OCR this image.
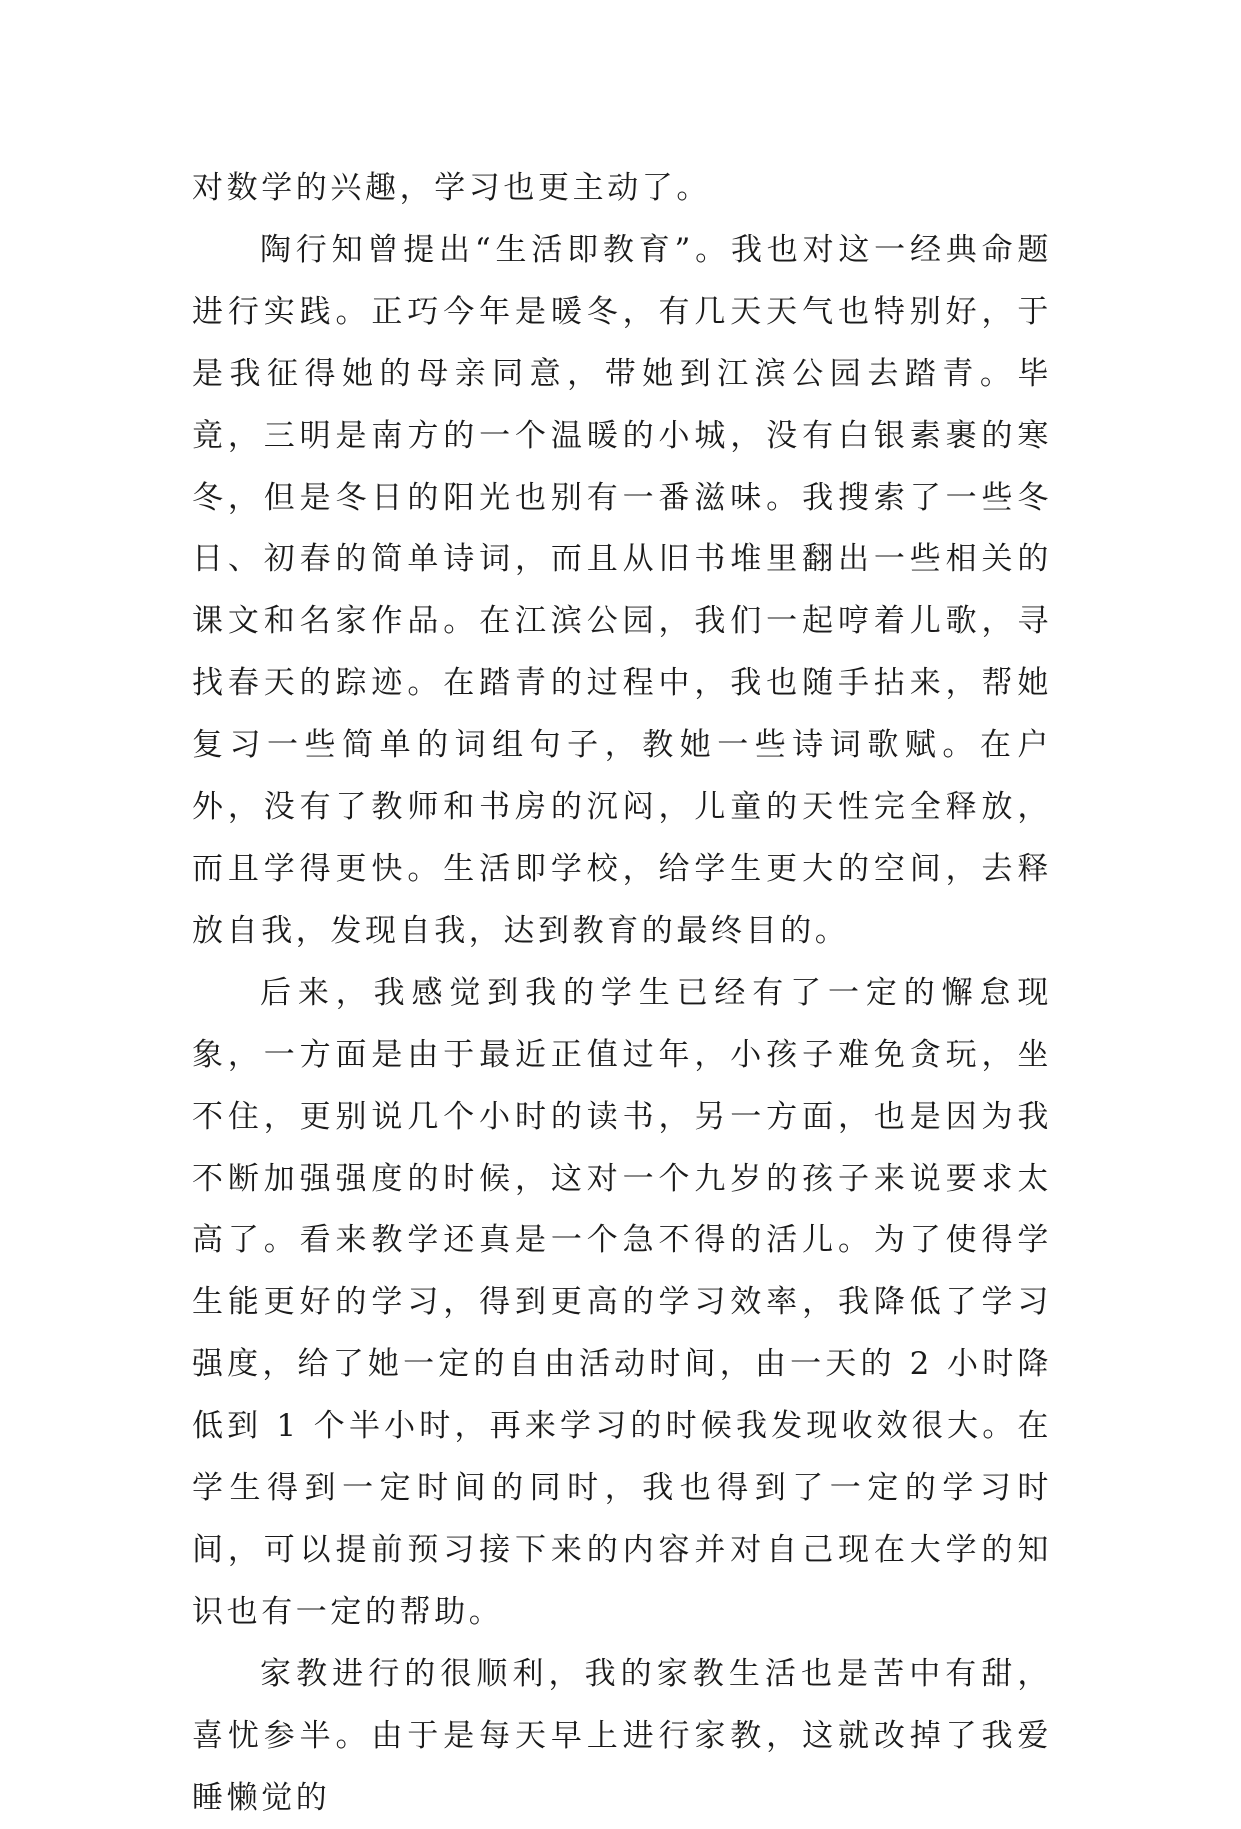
对数学的兴趣，学习也更主动了。

陶行知曾提出“生活即教育”。我也对这一经典命题进行实践。正巧今年是暖冬，有几天天气也特别好，于是我征得她的母亲同意，带她到江滨公园去踏青。毕竟，三明是南方的一个温暖的小城，没有白银素裹的寒冬，但是冬日的阳光也别有一番滋味。我搜索了一些冬日、初春的简单诗词，而且从旧书堆里翻出一些相关的课文和名家作品。在江滨公园，我们一起哼着儿歌，寻找春天的踪迹。在踏青的过程中，我也随手拈来，帮她复习一些简单的词组句子，教她一些诗词歌赋。在户外，没有了教师和书房的沉闷，儿童的天性完全释放，而且学得更快。生活即学校，给学生更大的空间，去释放自我，发现自我，达到教育的最终目的。

后来，我感觉到我的学生已经有了一定的懈怠现象，一方面是由于最近正值过年，小孩子难免贪玩，坐不住，更别说几个小时的读书，另一方面，也是因为我不断加强强度的时候，这对一个九岁的孩子来说要求太高了。看来教学还真是一个急不得的活儿。为了使得学生能更好的学习，得到更高的学习效率，我降低了学习强度，给了她一定的自由活动时间，由一天的 2 小时降低到 1 个半小时，再来学习的时候我发现收效很大。在学生得到一定时间的同时，我也得到了一定的学习时间，可以提前预习接下来的内容并对自己现在大学的知识也有一定的帮助。

家教进行的很顺利，我的家教生活也是苦中有甜，喜忧参半。由于是每天早上进行家教，这就改掉了我爱睡懒觉的
